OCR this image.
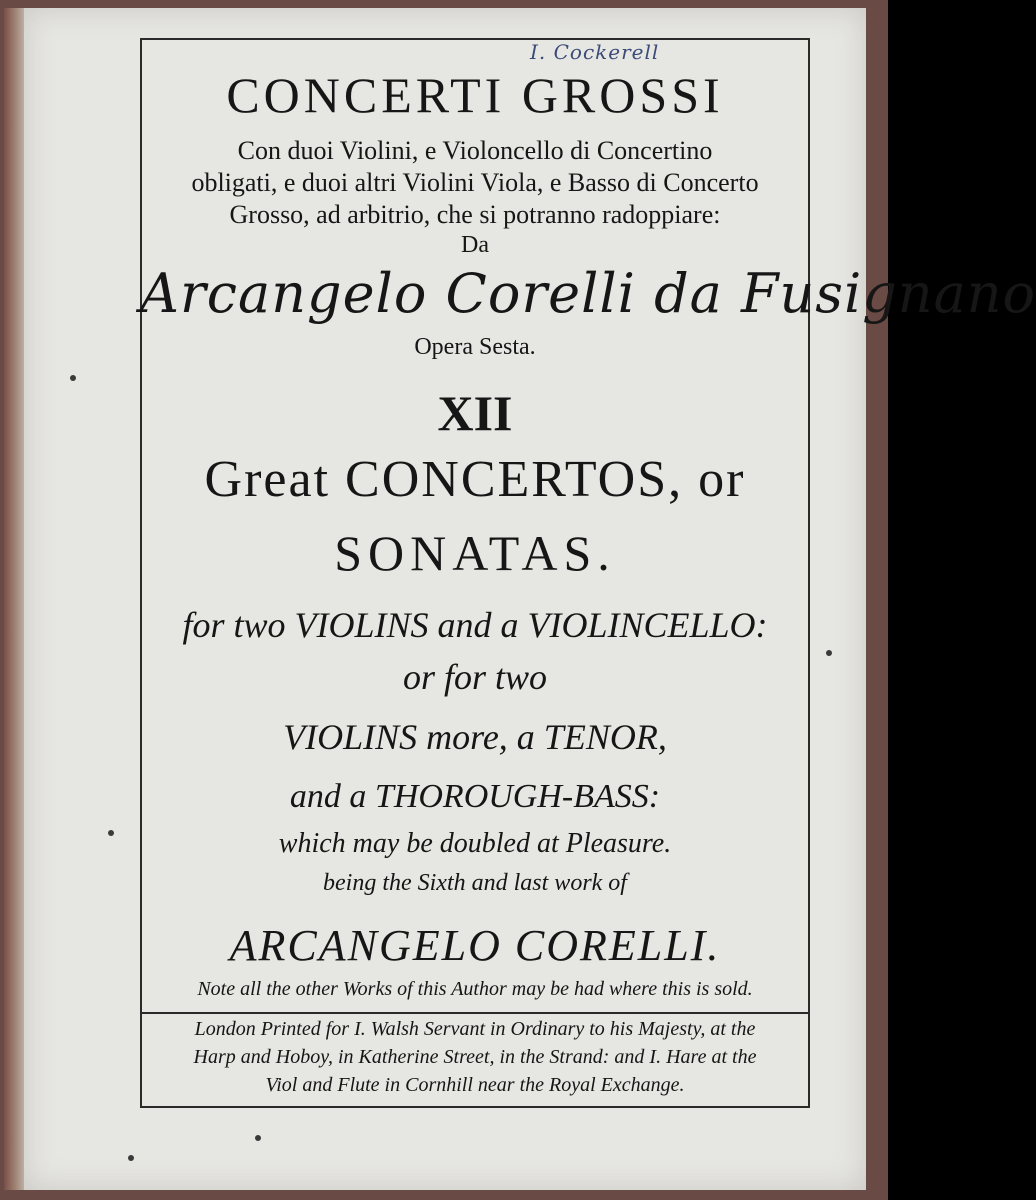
I. Cockerell

CONCERTI GROSSI

Con duoi Violini, e Violoncello di Concertino

obligati, e duoi altri Violini Viola, e Basso di Concerto

Grosso, ad arbitrio, che si potranno radoppiare:

Da

Arcangelo Corelli da Fusignano

Opera Sesta.

XII

Great CONCERTOS, or

SONATAS.

for two VIOLINS and a VIOLINCELLO:

or for two

VIOLINS more, a TENOR,

and a THOROUGH-BASS:

which may be doubled at Pleasure.

being the Sixth and last work of

ARCANGELO CORELLI.

Note all the other Works of this Author may be had where this is sold.

London Printed for I. Walsh Servant in Ordinary to his Majesty, at the

Harp and Hoboy, in Katherine Street, in the Strand: and I. Hare at the

Viol and Flute in Cornhill near the Royal Exchange.
